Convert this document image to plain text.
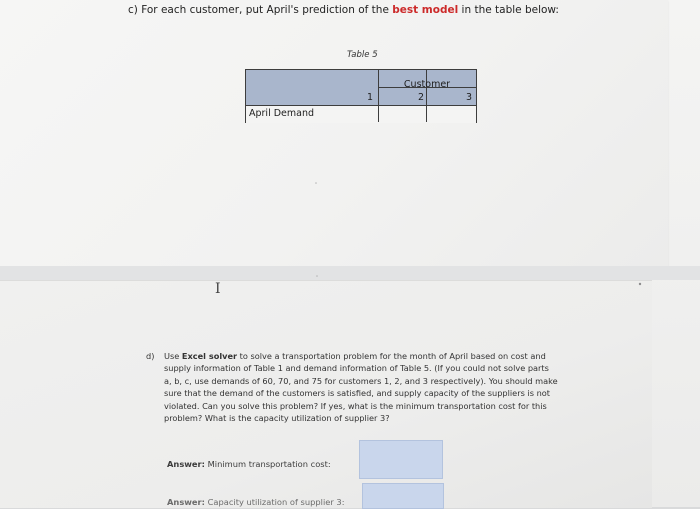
c) For each customer, put April's prediction of the best model in the table below:
Table 5
Customer
1	2	3
April Demand
I
d) Use Excel solver to solve a transportation problem for the month of April based on cost and
supply information of Table 1 and demand information of Table 5. (If you could not solve parts
a, b, c, use demands of 60, 70, and 75 for customers 1, 2, and 3 respectively). You should make
sure that the demand of the customers is satisfied, and supply capacity of the suppliers is not
violated. Can you solve this problem? If yes, what is the minimum transportation cost for this
problem? What is the capacity utilization of supplier 3?
Answer: Minimum transportation cost:
Answer: Capacity utilization of supplier 3:
